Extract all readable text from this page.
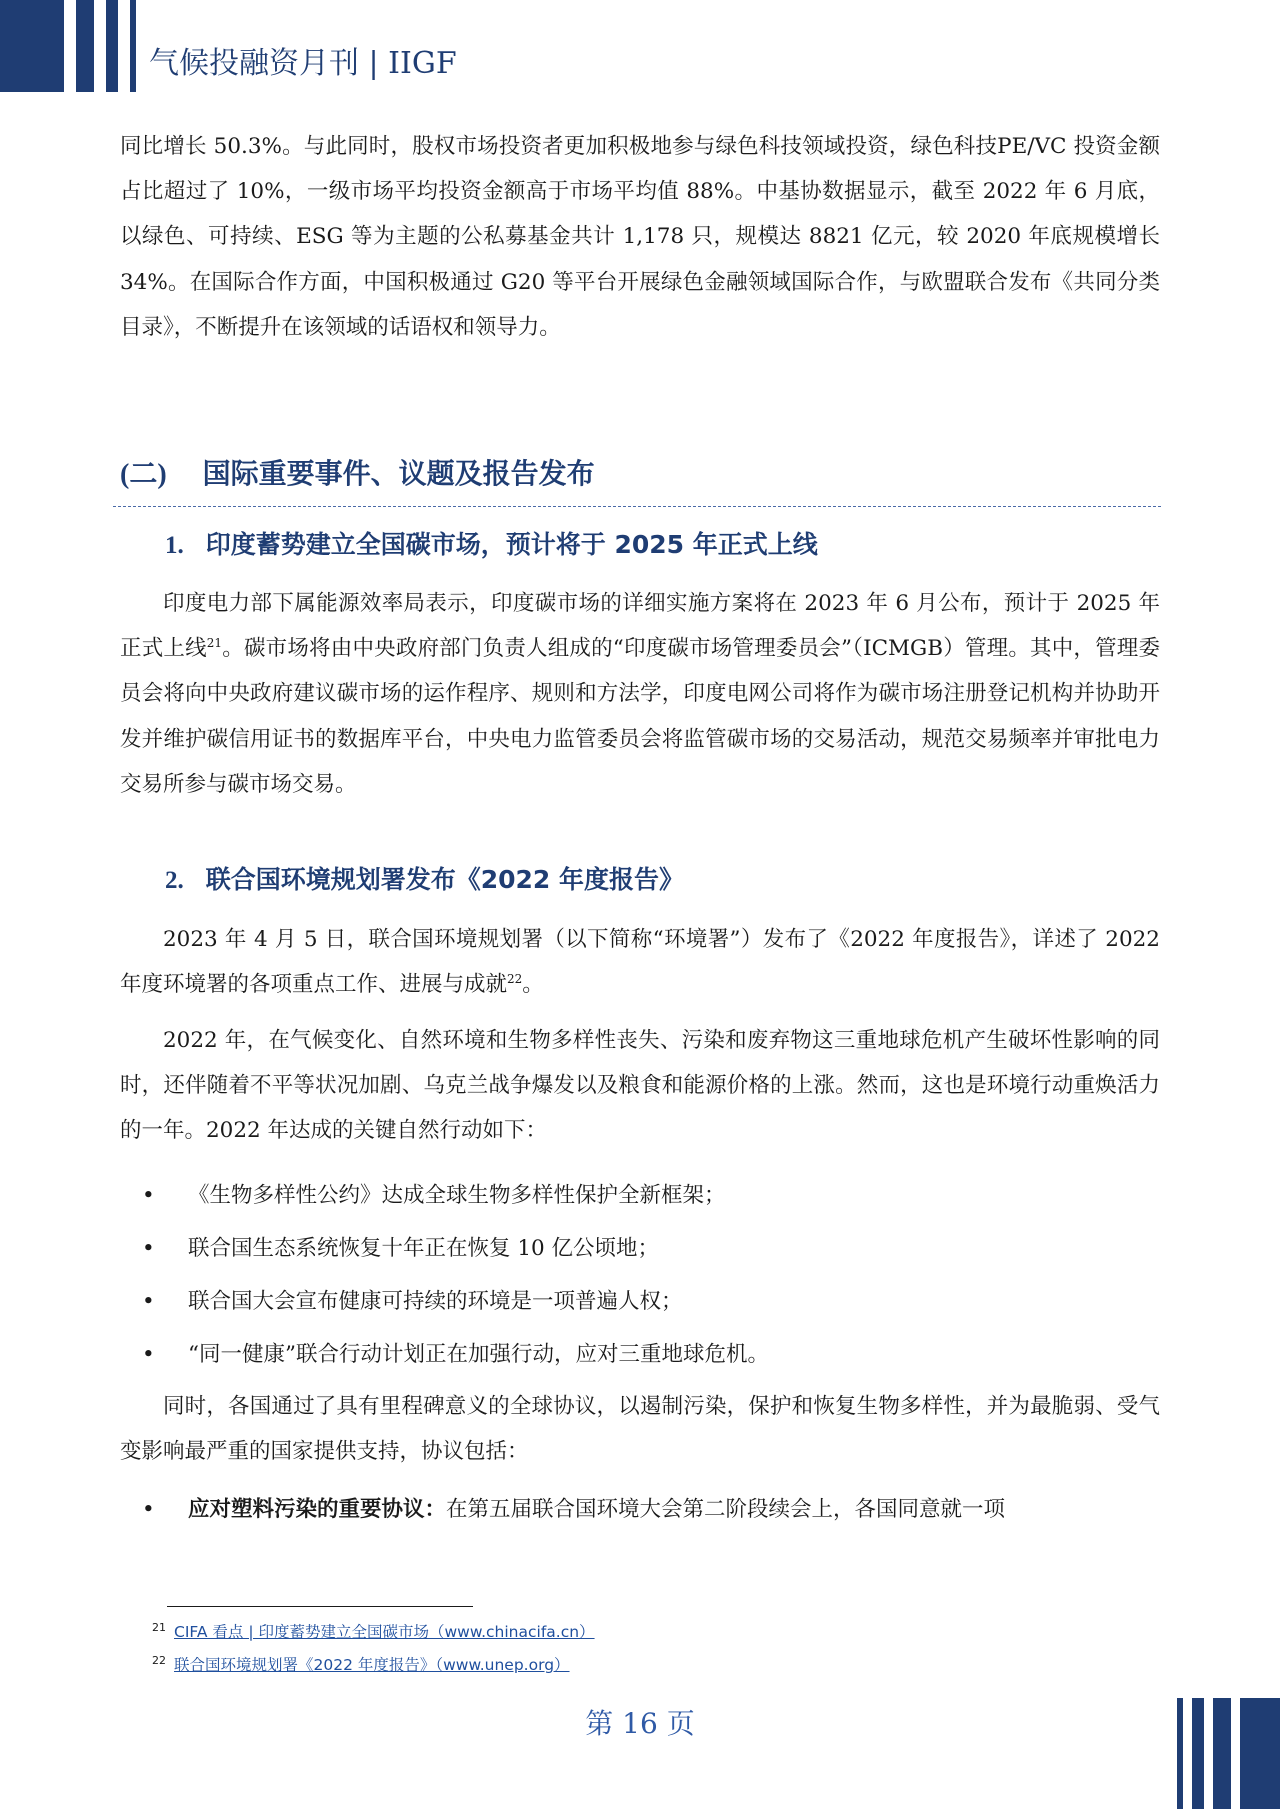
气候投融资月刊 | IIGF
同比增长 50.3%。与此同时，股权市场投资者更加积极地参与绿色科技领域投资，绿色科技PE/VC 投资金额占比超过了 10%，一级市场平均投资金额高于市场平均值 88%。中基协数据显示，截至 2022 年 6 月底，以绿色、可持续、ESG 等为主题的公私募基金共计 1,178 只，规模达 8821 亿元，较 2020 年底规模增长 34%。在国际合作方面，中国积极通过 G20 等平台开展绿色金融领域国际合作，与欧盟联合发布《共同分类目录》，不断提升在该领域的话语权和领导力。
(二) 国际重要事件、议题及报告发布
1. 印度蓄势建立全国碳市场，预计将于 2025 年正式上线
印度电力部下属能源效率局表示，印度碳市场的详细实施方案将在 2023 年 6 月公布，预计于 2025 年正式上线$^{21}$。碳市场将由中央政府部门负责人组成的“印度碳市场管理委员会”（ICMGB）管理。其中，管理委员会将向中央政府建议碳市场的运作程序、规则和方法学，印度电网公司将作为碳市场注册登记机构并协助开发并维护碳信用证书的数据库平台，中央电力监管委员会将监管碳市场的交易活动，规范交易频率并审批电力交易所参与碳市场交易。
2. 联合国环境规划署发布《2022 年度报告》
2023 年 4 月 5 日，联合国环境规划署（以下简称“环境署”）发布了《2022 年度报告》，详述了 2022 年度环境署的各项重点工作、进展与成就$^{22}$。
2022 年，在气候变化、自然环境和生物多样性丧失、污染和废弃物这三重地球危机产生破坏性影响的同时，还伴随着不平等状况加剧、乌克兰战争爆发以及粮食和能源价格的上涨。然而，这也是环境行动重焕活力的一年。2022 年达成的关键自然行动如下：
• 《生物多样性公约》达成全球生物多样性保护全新框架；
• 联合国生态系统恢复十年正在恢复 10 亿公顷地；
• 联合国大会宣布健康可持续的环境是一项普遍人权；
• “同一健康”联合行动计划正在加强行动，应对三重地球危机。
同时，各国通过了具有里程碑意义的全球协议，以遏制污染，保护和恢复生物多样性，并为最脆弱、受气变影响最严重的国家提供支持，协议包括：
• 应对塑料污染的重要协议：在第五届联合国环境大会第二阶段续会上，各国同意就一项
$^{21}$ CIFA 看点 | 印度蓄势建立全国碳市场（www.chinacifa.cn）
$^{22}$ 联合国环境规划署《2022 年度报告》（www.unep.org）
第 16 页
